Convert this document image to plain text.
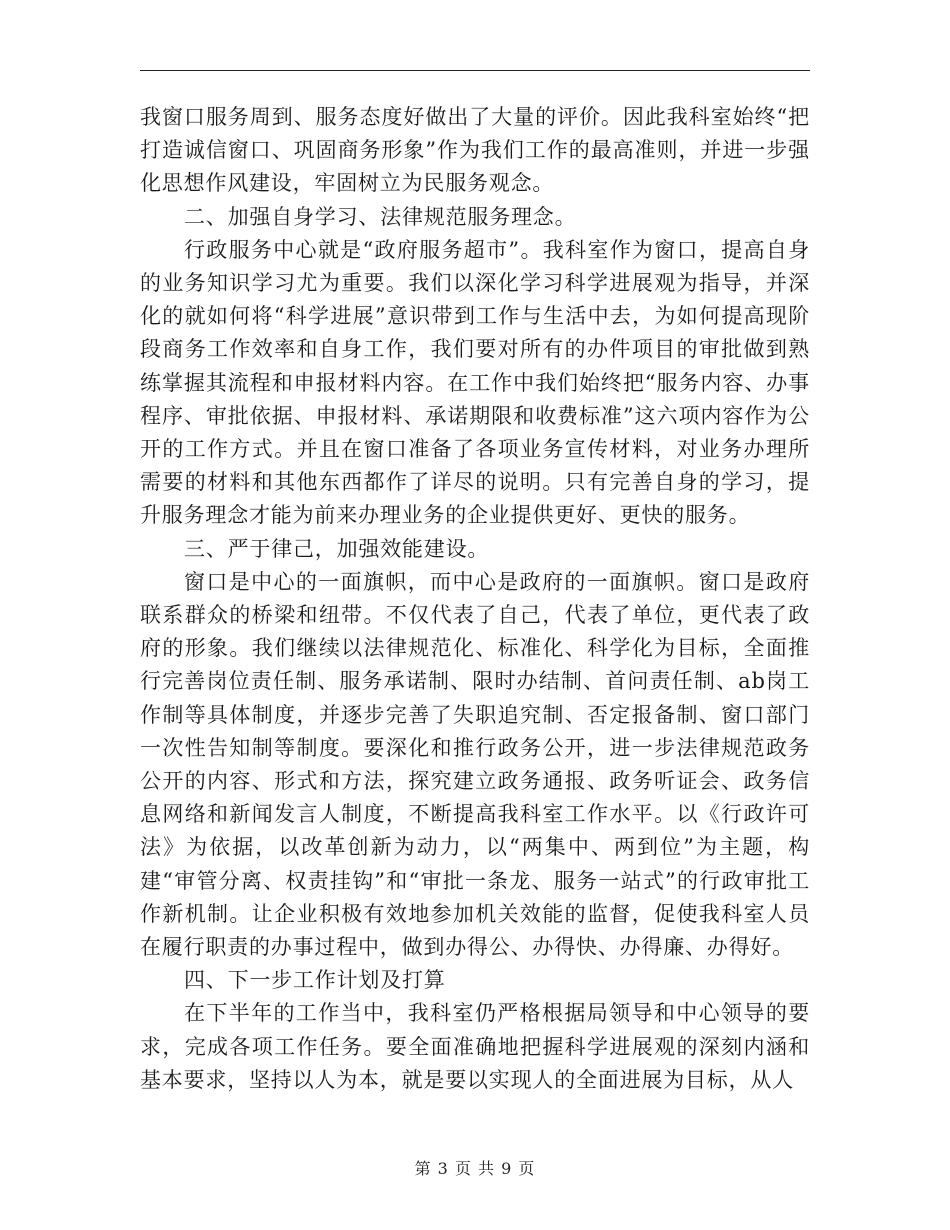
我窗口服务周到、服务态度好做出了大量的评价。因此我科室始终“把打造诚信窗口、巩固商务形象”作为我们工作的最高准则，并进一步强化思想作风建设，牢固树立为民服务观念。

二、加强自身学习、法律规范服务理念。

行政服务中心就是“政府服务超市”。我科室作为窗口，提高自身的业务知识学习尤为重要。我们以深化学习科学进展观为指导，并深化的就如何将“科学进展”意识带到工作与生活中去，为如何提高现阶段商务工作效率和自身工作，我们要对所有的办件项目的审批做到熟练掌握其流程和申报材料内容。在工作中我们始终把“服务内容、办事程序、审批依据、申报材料、承诺期限和收费标准”这六项内容作为公开的工作方式。并且在窗口准备了各项业务宣传材料，对业务办理所需要的材料和其他东西都作了详尽的说明。只有完善自身的学习，提升服务理念才能为前来办理业务的企业提供更好、更快的服务。

三、严于律己，加强效能建设。

窗口是中心的一面旗帜，而中心是政府的一面旗帜。窗口是政府联系群众的桥梁和纽带。不仅代表了自己，代表了单位，更代表了政府的形象。我们继续以法律规范化、标准化、科学化为目标，全面推行完善岗位责任制、服务承诺制、限时办结制、首问责任制、ab岗工作制等具体制度，并逐步完善了失职追究制、否定报备制、窗口部门一次性告知制等制度。要深化和推行政务公开，进一步法律规范政务公开的内容、形式和方法，探究建立政务通报、政务听证会、政务信息网络和新闻发言人制度，不断提高我科室工作水平。以《行政许可法》为依据，以改革创新为动力，以“两集中、两到位”为主题，构建“审管分离、权责挂钩”和“审批一条龙、服务一站式”的行政审批工作新机制。让企业积极有效地参加机关效能的监督，促使我科室人员在履行职责的办事过程中，做到办得公、办得快、办得廉、办得好。

四、下一步工作计划及打算

在下半年的工作当中，我科室仍严格根据局领导和中心领导的要求，完成各项工作任务。要全面准确地把握科学进展观的深刻内涵和基本要求，坚持以人为本，就是要以实现人的全面进展为目标，从人

第 3 页 共 9 页
